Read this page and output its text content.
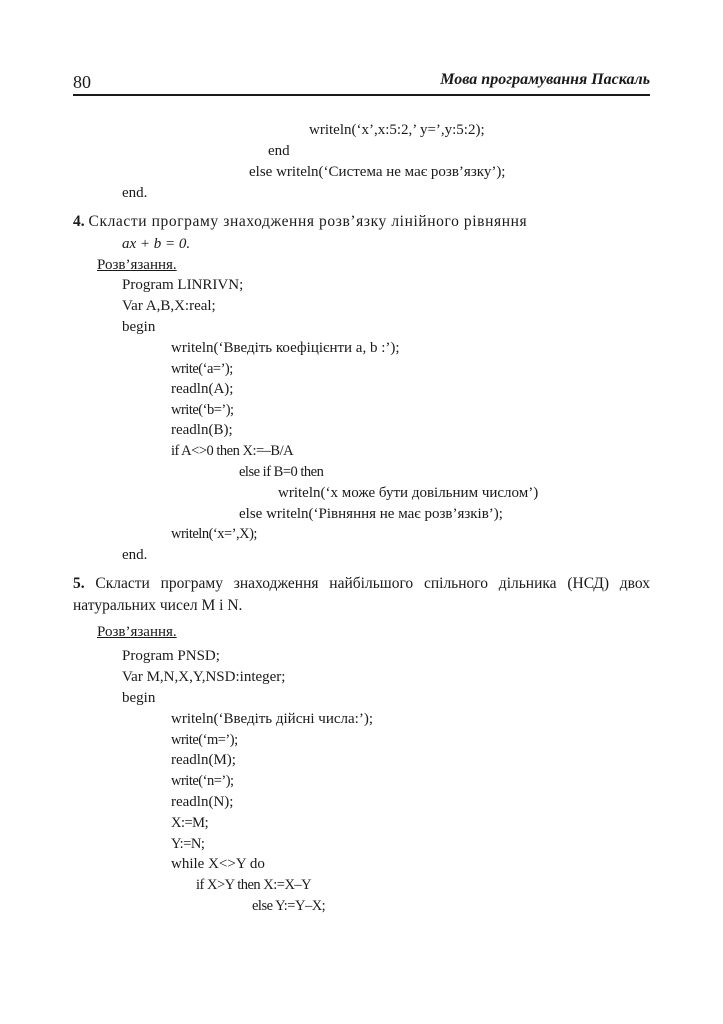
80	Мова програмування Паскаль
writeln(‘x’,x:5:2,’ y=’,y:5:2);
end
else writeln(‘Система не має розв’язку’);
end.
4. Скласти програму знаходження розв’язку лінійного рівняння
ax + b = 0.
Розв’язання.
Program LINRIVN;
Var A,B,X:real;
begin
writeln(‘Введіть коефіцієнти a, b :’);
write(‘a=’);
readln(A);
write(‘b=’);
readln(B);
if A<>0 then X:=–B/A
else if B=0 then
writeln(‘x може бути довільним числом’)
else writeln(‘Рівняння не має розв’язків’);
writeln(‘x=’,X);
end.
5. Скласти програму знаходження найбільшого спільного дільника (НСД) двох
натуральних чисел M і N.
Розв’язання.
Program PNSD;
Var M,N,X,Y,NSD:integer;
begin
writeln(‘Введіть дійсні числа:’);
write(‘m=’);
readln(M);
write(‘n=’);
readln(N);
X:=M;
Y:=N;
while X<>Y do
if X>Y then X:=X–Y
else Y:=Y–X;
